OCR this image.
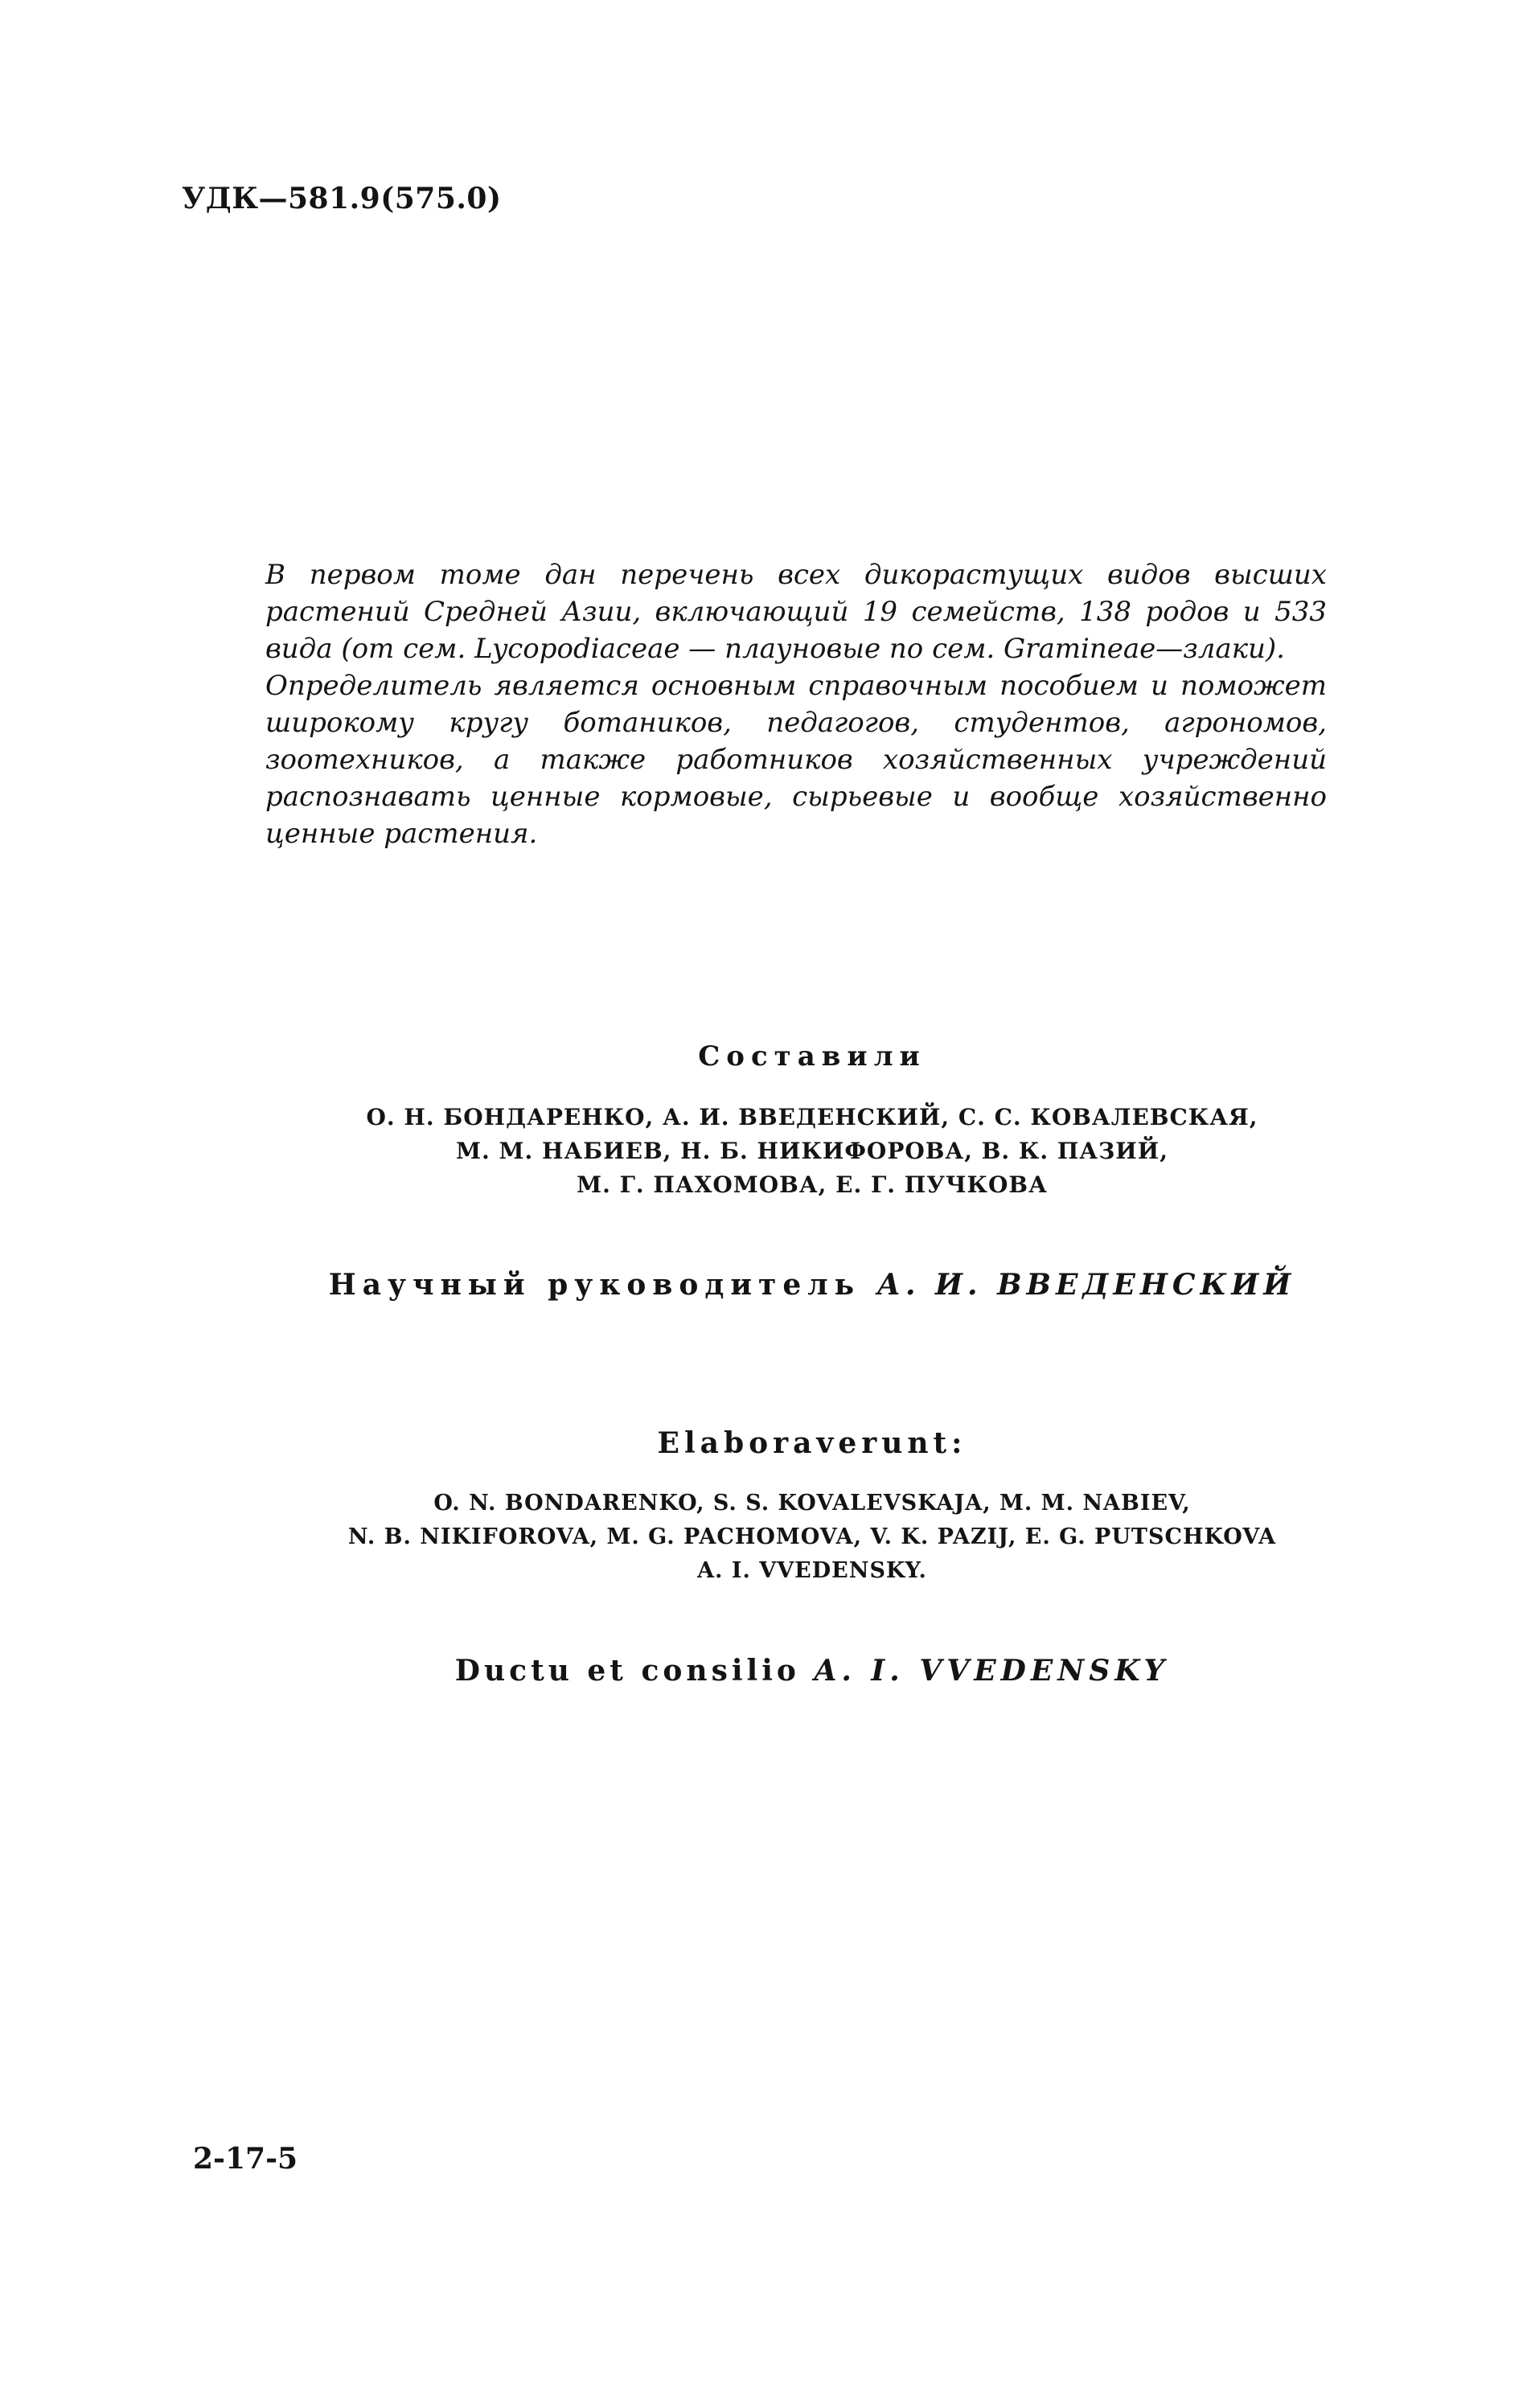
УДК—581.9(575.0)

В первом томе дан перечень всех дикорастущих видов высших растений Средней Азии, включающий 19 семейств, 138 родов и 533 вида (от сем. Lycopodiaceae — плауновые по сем. Gramineae—злаки).

Определитель является основным справочным пособием и поможет широкому кругу ботаников, педагогов, студентов, агрономов, зоотехников, а также работников хозяйственных учреждений распознавать ценные кормовые, сырьевые и вообще хозяйственно ценные растения.

Составили
О. Н. БОНДАРЕНКО, А. И. ВВЕДЕНСКИЙ, С. С. КОВАЛЕВСКАЯ,
М. М. НАБИЕВ, Н. Б. НИКИФОРОВА, В. К. ПАЗИЙ,
М. Г. ПАХОМОВА, Е. Г. ПУЧКОВА
Научный руководитель А. И. ВВЕДЕНСКИЙ
Elaboraverunt:
O. N. BONDARENKO, S. S. KOVALEVSKAJA, M. M. NABIEV,
N. B. NIKIFOROVA, M. G. PACHOMOVA, V. K. PAZIJ, E. G. PUTSCHKOVA
A. I. VVEDENSKY.
Ductu et consilio A. I. VVEDENSKY
2-17-5
